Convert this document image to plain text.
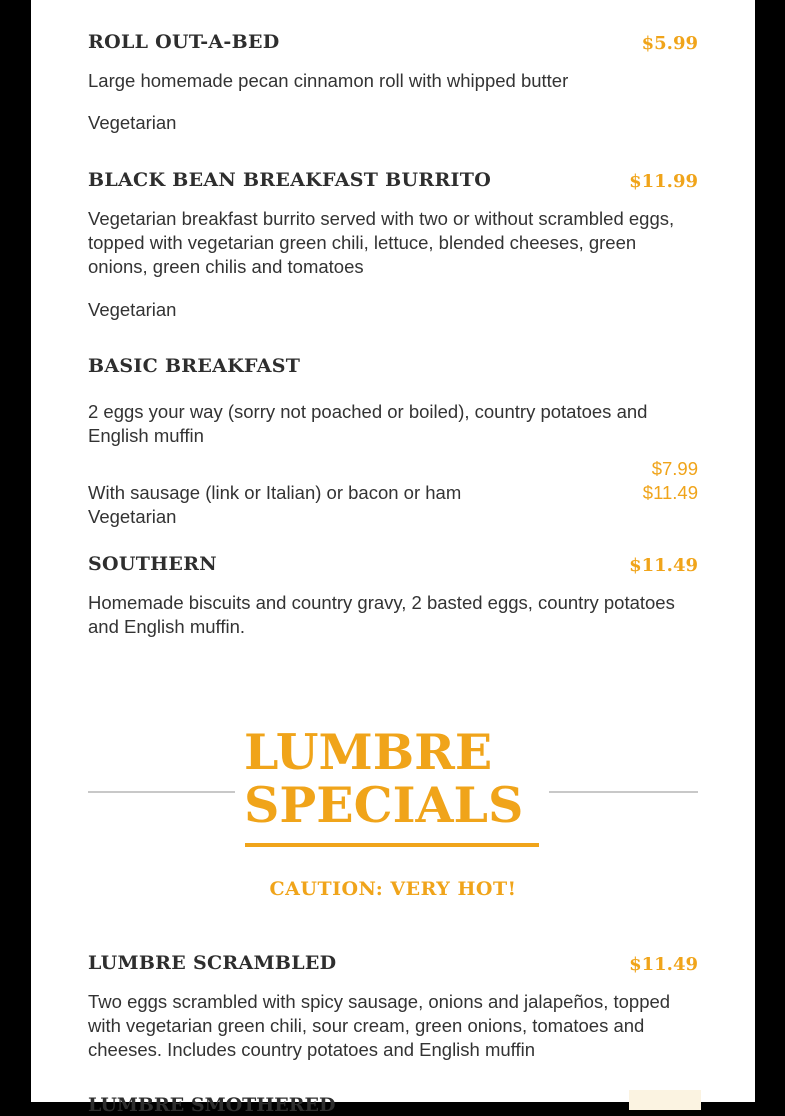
ROLL OUT-A-BED	$5.99

Large homemade pecan cinnamon roll with whipped butter

Vegetarian

BLACK BEAN BREAKFAST BURRITO	$11.99

Vegetarian breakfast burrito served with two or without scrambled eggs, topped with vegetarian green chili, lettuce, blended cheeses, green onions, green chilis and tomatoes

Vegetarian

BASIC BREAKFAST

2 eggs your way (sorry not poached or boiled), country potatoes and English muffin

$7.99
With sausage (link or Italian) or bacon or ham	$11.49

Vegetarian

SOUTHERN	$11.49

Homemade biscuits and country gravy, 2 basted eggs, country potatoes and English muffin.

LUMBRE
SPECIALS
CAUTION: VERY HOT!
LUMBRE SCRAMBLED	$11.49

Two eggs scrambled with spicy sausage, onions and jalapeños, topped with vegetarian green chili, sour cream, green onions, tomatoes and cheeses. Includes country potatoes and English muffin

LUMBRE SMOTHERED
